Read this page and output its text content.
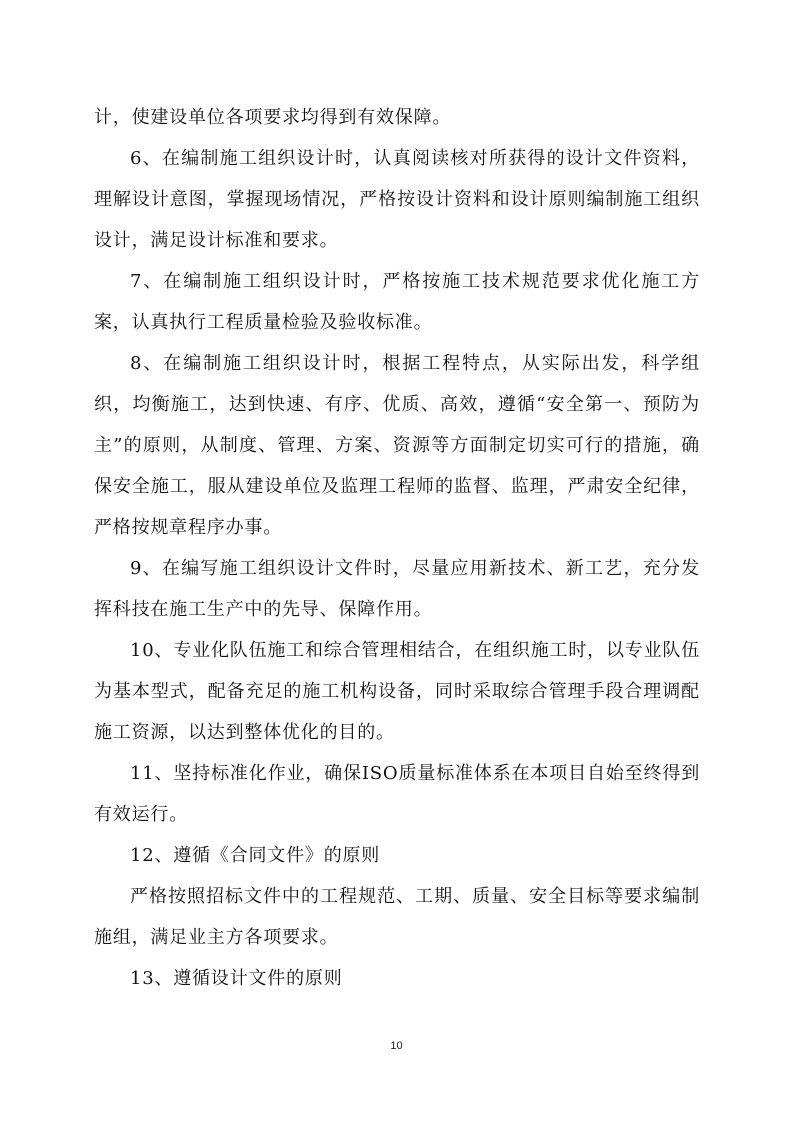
计，使建设单位各项要求均得到有效保障。

6、在编制施工组织设计时，认真阅读核对所获得的设计文件资料，理解设计意图，掌握现场情况，严格按设计资料和设计原则编制施工组织设计，满足设计标准和要求。

7、在编制施工组织设计时，严格按施工技术规范要求优化施工方案，认真执行工程质量检验及验收标准。

8、在编制施工组织设计时，根据工程特点，从实际出发，科学组织，均衡施工，达到快速、有序、优质、高效，遵循“安全第一、预防为主”的原则，从制度、管理、方案、资源等方面制定切实可行的措施，确保安全施工，服从建设单位及监理工程师的监督、监理，严肃安全纪律，严格按规章程序办事。

9、在编写施工组织设计文件时，尽量应用新技术、新工艺，充分发挥科技在施工生产中的先导、保障作用。

10、专业化队伍施工和综合管理相结合，在组织施工时，以专业队伍为基本型式，配备充足的施工机构设备，同时采取综合管理手段合理调配施工资源，以达到整体优化的目的。

11、坚持标准化作业，确保ISO质量标准体系在本项目自始至终得到有效运行。

12、遵循《合同文件》的原则

严格按照招标文件中的工程规范、工期、质量、安全目标等要求编制施组，满足业主方各项要求。

13、遵循设计文件的原则

10
